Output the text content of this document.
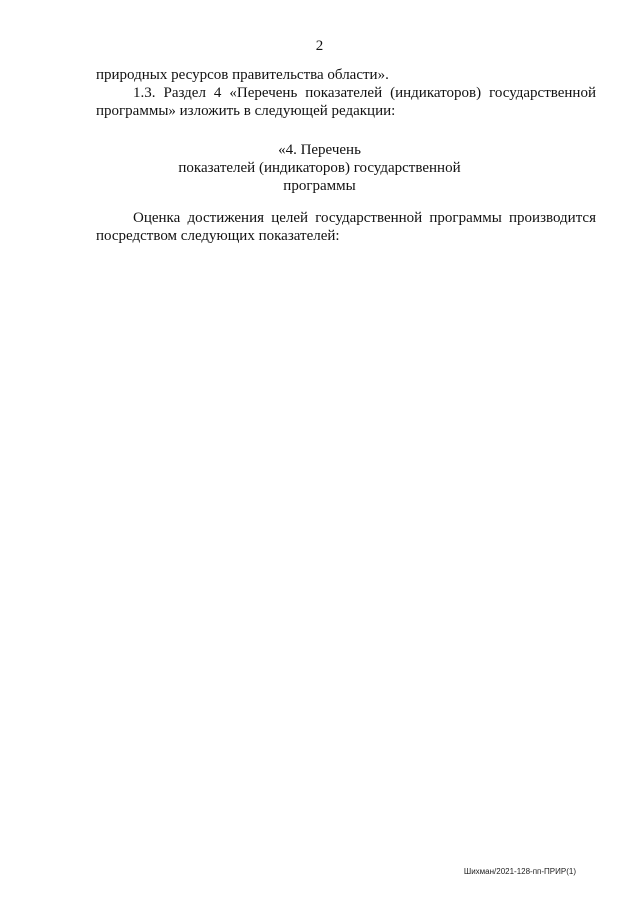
2
природных ресурсов правительства области».
1.3. Раздел 4 «Перечень показателей (индикаторов) государственной
программы» изложить в следующей редакции:
«4. Перечень
показателей (индикаторов) государственной
программы
Оценка достижения целей государственной программы производится
посредством следующих показателей:
Шихман/2021-128-пп-ПРИР(1)
